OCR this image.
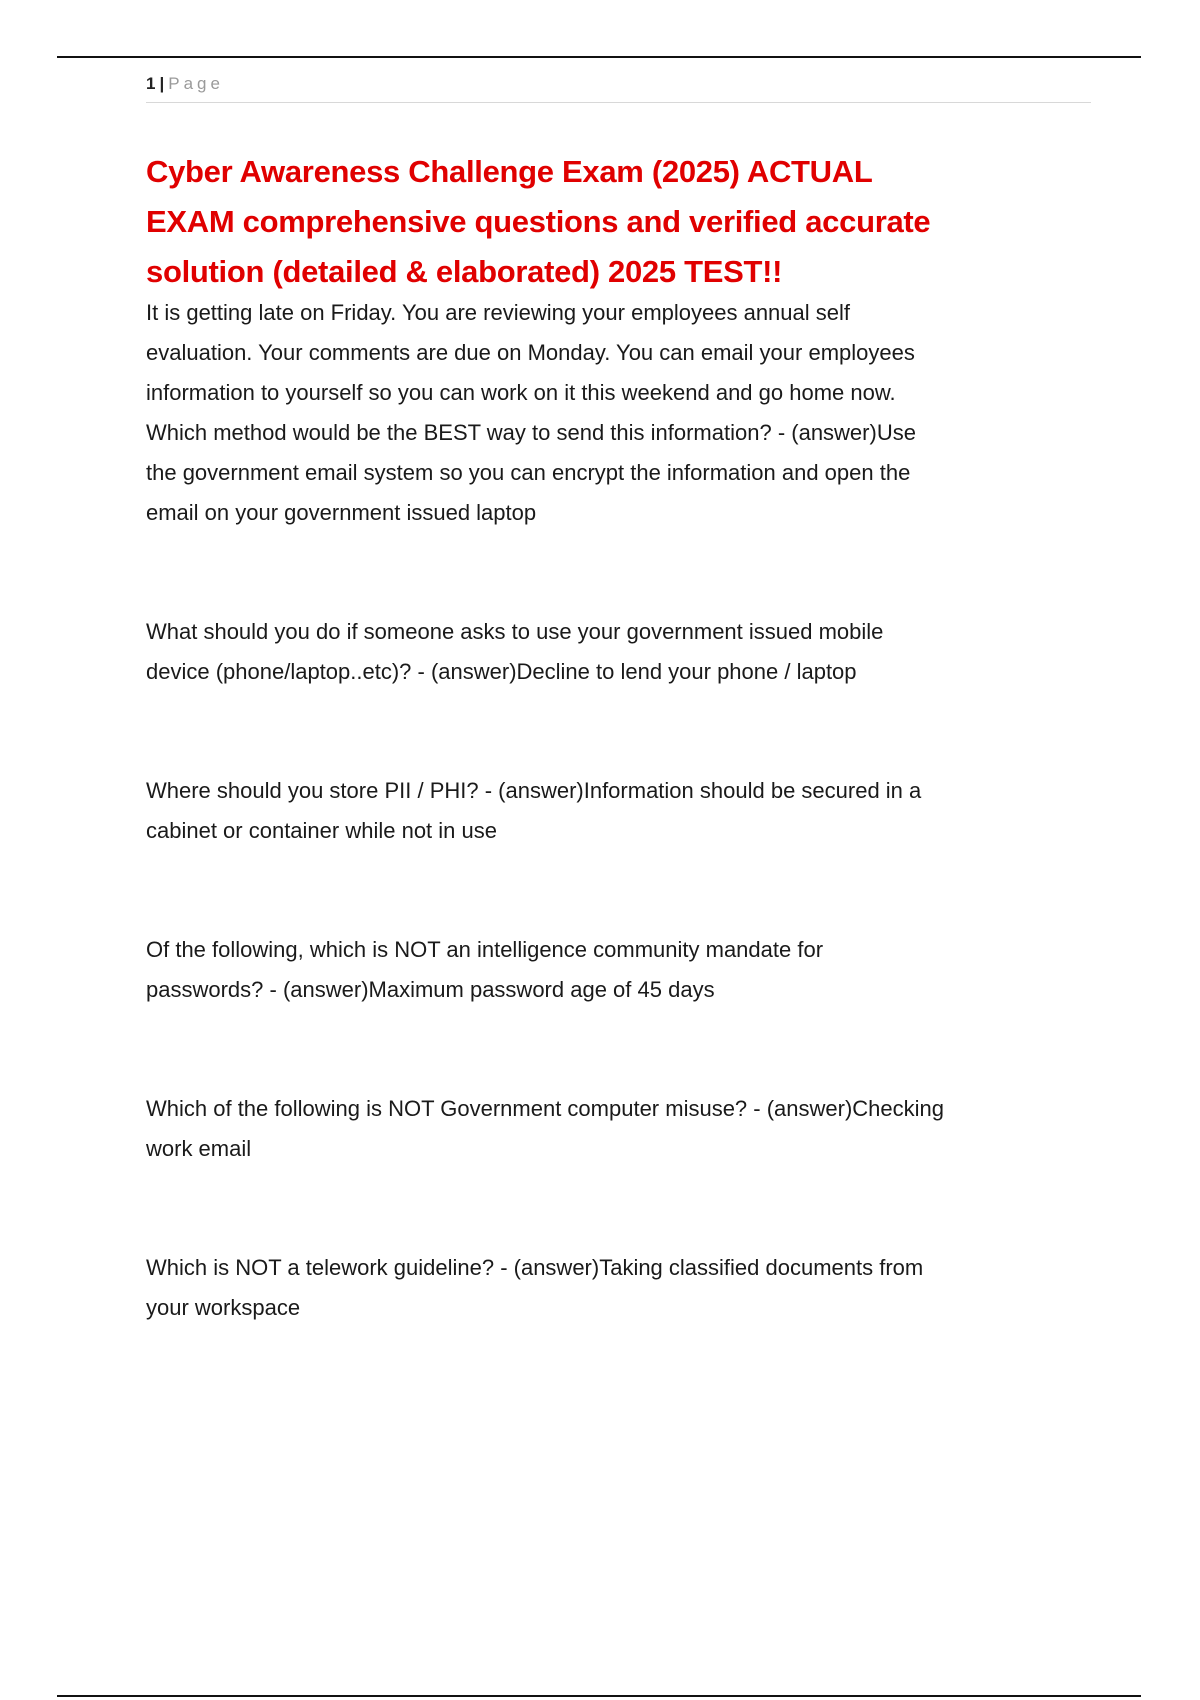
1 | Page
Cyber Awareness Challenge Exam (2025) ACTUAL
EXAM comprehensive questions and verified accurate
solution (detailed & elaborated) 2025 TEST!!
It is getting late on Friday. You are reviewing your employees annual self
evaluation. Your comments are due on Monday. You can email your employees
information to yourself so you can work on it this weekend and go home now.
Which method would be the BEST way to send this information? - (answer)Use
the government email system so you can encrypt the information and open the
email on your government issued laptop
What should you do if someone asks to use your government issued mobile
device (phone/laptop..etc)? - (answer)Decline to lend your phone / laptop
Where should you store PII / PHI? - (answer)Information should be secured in a
cabinet or container while not in use
Of the following, which is NOT an intelligence community mandate for
passwords? - (answer)Maximum password age of 45 days
Which of the following is NOT Government computer misuse? - (answer)Checking
work email
Which is NOT a telework guideline? - (answer)Taking classified documents from
your workspace
